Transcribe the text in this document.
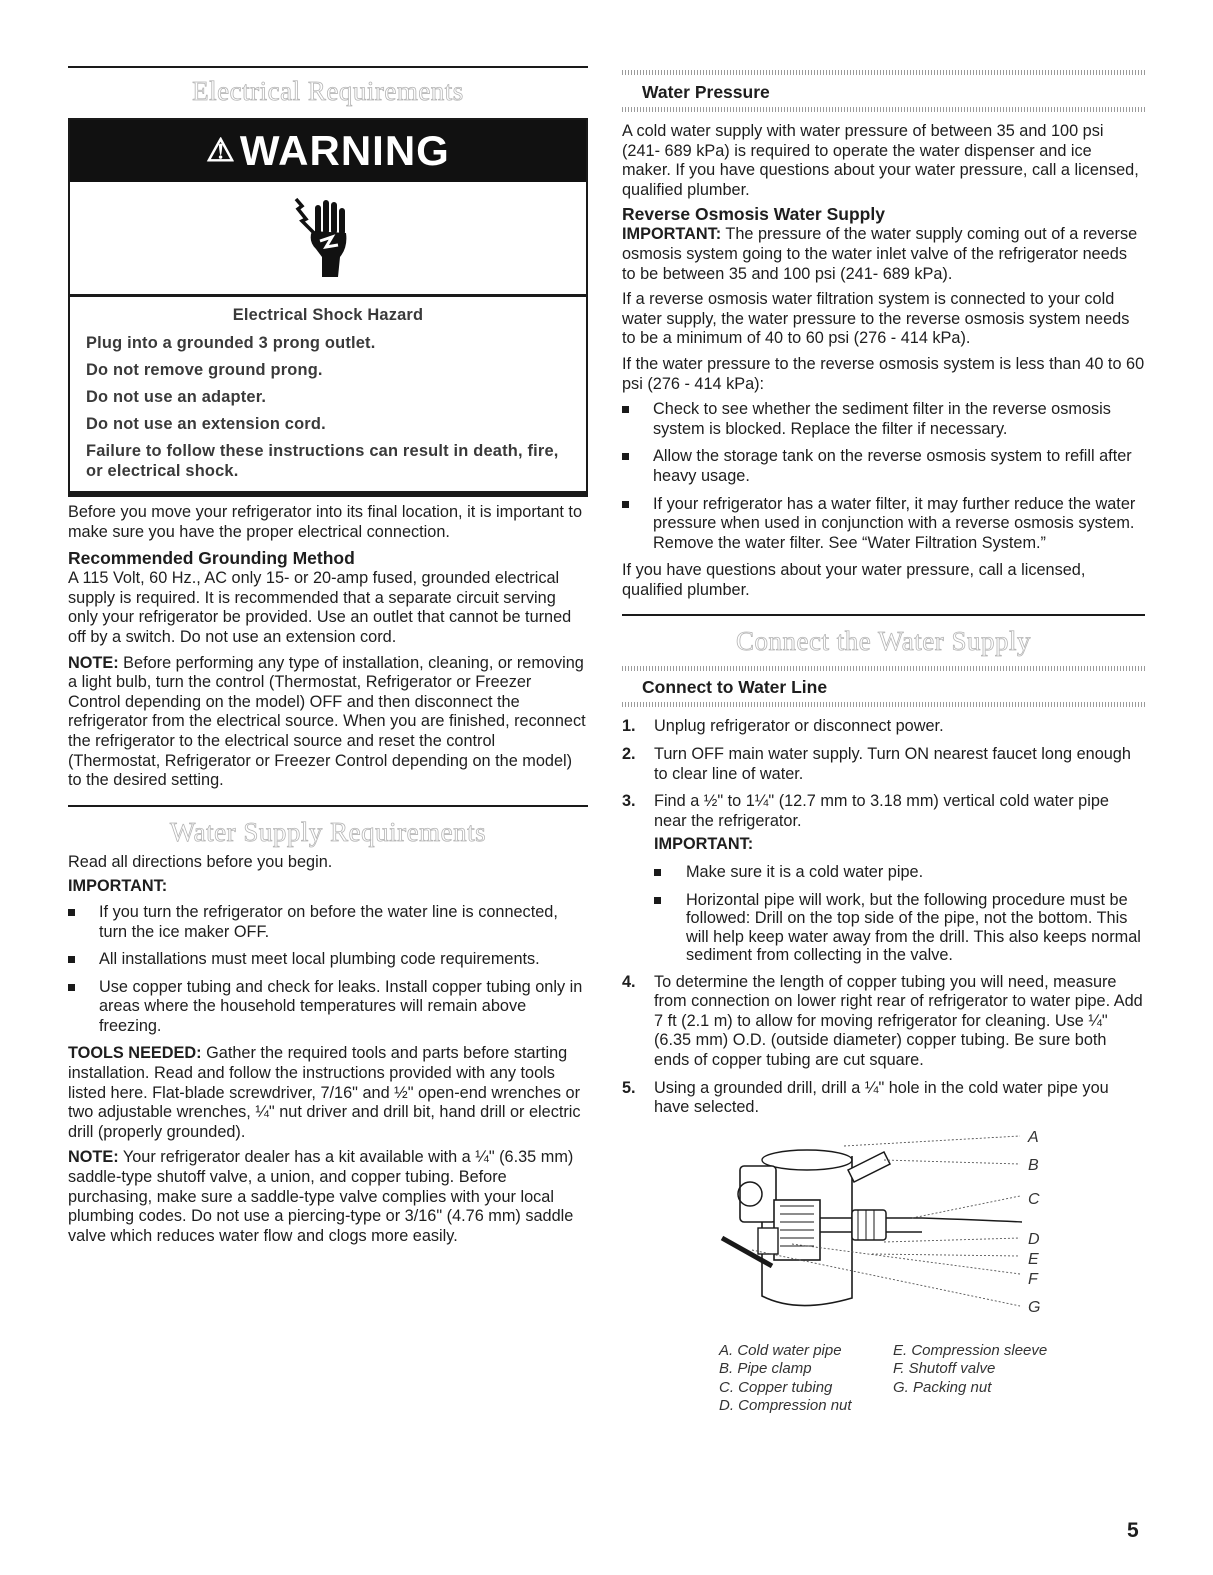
Electrical Requirements
⚠ WARNING

Electrical Shock Hazard

Plug into a grounded 3 prong outlet.

Do not remove ground prong.

Do not use an adapter.

Do not use an extension cord.

Failure to follow these instructions can result in death, fire, or electrical shock.

Before you move your refrigerator into its final location, it is important to make sure you have the proper electrical connection.

Recommended Grounding Method

A 115 Volt, 60 Hz., AC only 15- or 20-amp fused, grounded electrical supply is required. It is recommended that a separate circuit serving only your refrigerator be provided. Use an outlet that cannot be turned off by a switch. Do not use an extension cord.

NOTE: Before performing any type of installation, cleaning, or removing a light bulb, turn the control (Thermostat, Refrigerator or Freezer Control depending on the model) OFF and then disconnect the refrigerator from the electrical source. When you are finished, reconnect the refrigerator to the electrical source and reset the control (Thermostat, Refrigerator or Freezer Control depending on the model) to the desired setting.

Water Supply Requirements

Read all directions before you begin.

IMPORTANT:

If you turn the refrigerator on before the water line is connected, turn the ice maker OFF.
All installations must meet local plumbing code requirements.
Use copper tubing and check for leaks. Install copper tubing only in areas where the household temperatures will remain above freezing.

TOOLS NEEDED: Gather the required tools and parts before starting installation. Read and follow the instructions provided with any tools listed here. Flat-blade screwdriver, 7/16" and ½" open-end wrenches or two adjustable wrenches, ¼" nut driver and drill bit, hand drill or electric drill (properly grounded).

NOTE: Your refrigerator dealer has a kit available with a ¼" (6.35 mm) saddle-type shutoff valve, a union, and copper tubing. Before purchasing, make sure a saddle-type valve complies with your local plumbing codes. Do not use a piercing-type or 3/16" (4.76 mm) saddle valve which reduces water flow and clogs more easily.

Water Pressure

A cold water supply with water pressure of between 35 and 100 psi (241- 689 kPa) is required to operate the water dispenser and ice maker. If you have questions about your water pressure, call a licensed, qualified plumber.

Reverse Osmosis Water Supply

IMPORTANT: The pressure of the water supply coming out of a reverse osmosis system going to the water inlet valve of the refrigerator needs to be between 35 and 100 psi (241- 689 kPa).

If a reverse osmosis water filtration system is connected to your cold water supply, the water pressure to the reverse osmosis system needs to be a minimum of 40 to 60 psi (276 - 414 kPa).

If the water pressure to the reverse osmosis system is less than 40 to 60 psi (276 - 414 kPa):

Check to see whether the sediment filter in the reverse osmosis system is blocked. Replace the filter if necessary.
Allow the storage tank on the reverse osmosis system to refill after heavy usage.
If your refrigerator has a water filter, it may further reduce the water pressure when used in conjunction with a reverse osmosis system. Remove the water filter. See “Water Filtration System.”

If you have questions about your water pressure, call a licensed, qualified plumber.

Connect the Water Supply
Connect to Water Line
1. Unplug refrigerator or disconnect power.
2. Turn OFF main water supply. Turn ON nearest faucet long enough to clear line of water.
3. Find a ½" to 1¼" (12.7 mm to 3.18 mm) vertical cold water pipe near the refrigerator.
IMPORTANT:
Make sure it is a cold water pipe.
Horizontal pipe will work, but the following procedure must be followed: Drill on the top side of the pipe, not the bottom. This will help keep water away from the drill. This also keeps normal sediment from collecting in the valve.
4. To determine the length of copper tubing you will need, measure from connection on lower right rear of refrigerator to water pipe. Add 7 ft (2.1 m) to allow for moving refrigerator for cleaning. Use ¼" (6.35 mm) O.D. (outside diameter) copper tubing. Be sure both ends of copper tubing are cut square.
5. Using a grounded drill, drill a ¼" hole in the cold water pipe you have selected.
A
B
C
D
E
F
G
A. Cold water pipe
B. Pipe clamp
C. Copper tubing
D. Compression nut
E. Compression sleeve
F. Shutoff valve
G. Packing nut
5
